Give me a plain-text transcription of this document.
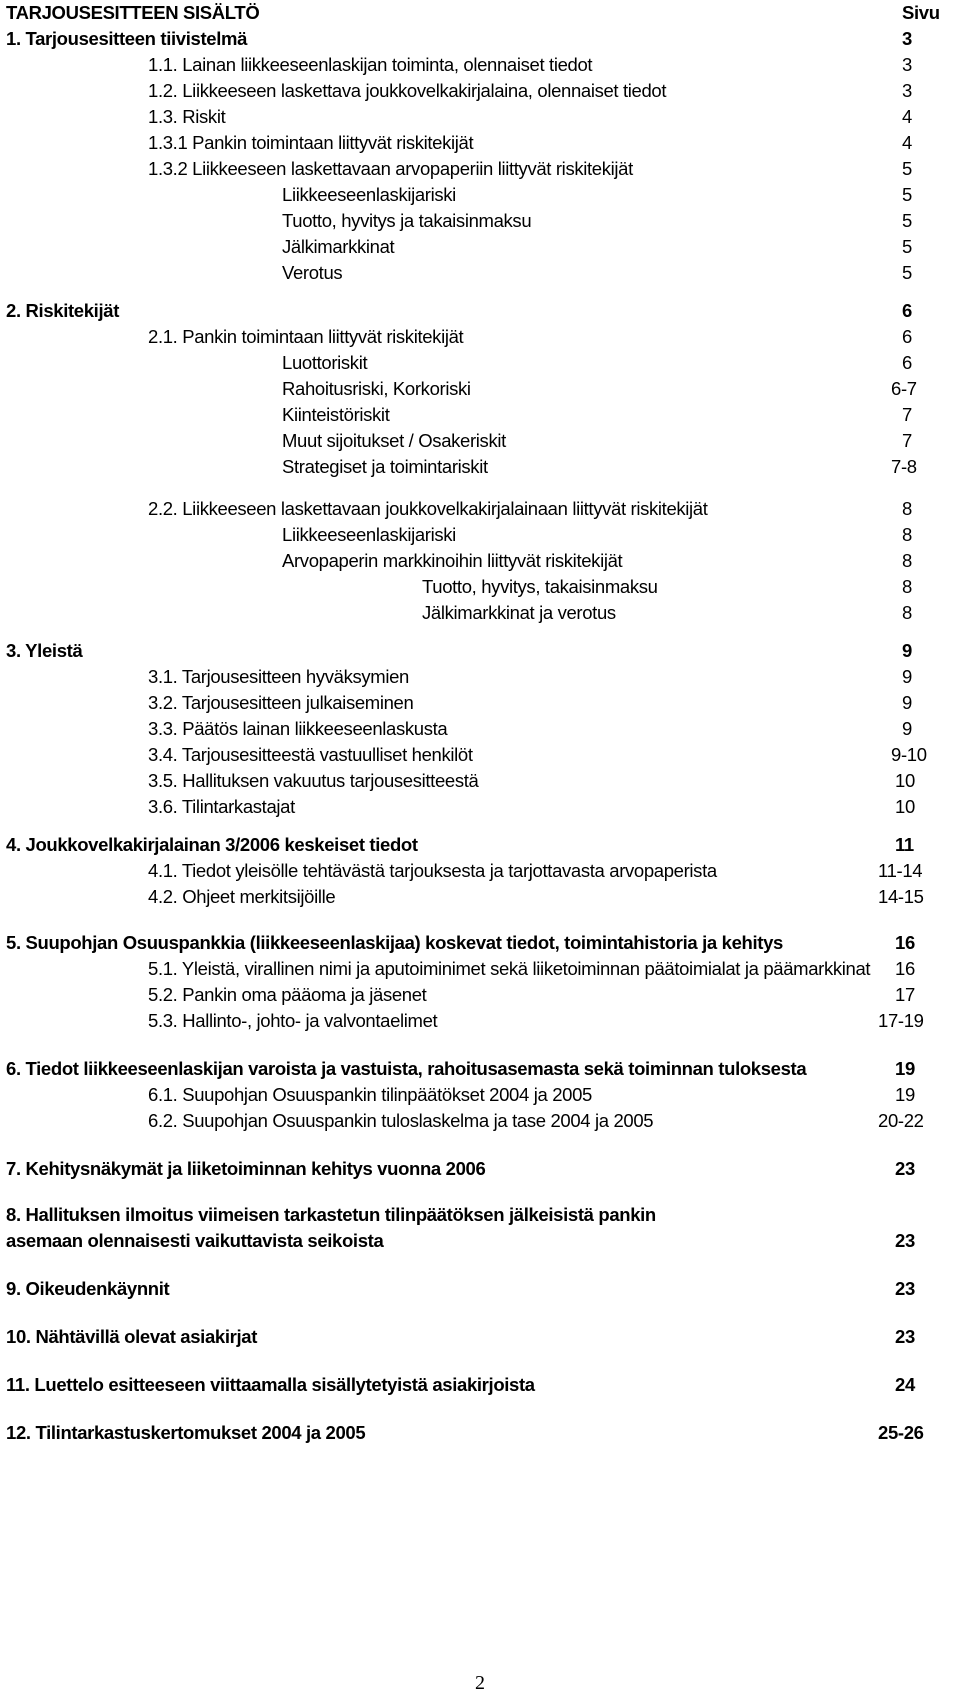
TARJOUSESITTEEN SISÄLTÖ	Sivu
1. Tarjousesitteen tiivistelmä	3
1.1. Lainan liikkeeseenlaskijan toiminta, olennaiset tiedot	3
1.2. Liikkeeseen laskettava joukkovelkakirjalaina, olennaiset tiedot	3
1.3. Riskit	4
1.3.1 Pankin toimintaan liittyvät riskitekijät	4
1.3.2 Liikkeeseen laskettavaan arvopaperiin liittyvät riskitekijät	5
Liikkeeseenlaskijariski	5
Tuotto, hyvitys ja takaisinmaksu	5
Jälkimarkkinat	5
Verotus	5
2. Riskitekijät	6
2.1. Pankin toimintaan liittyvät riskitekijät	6
Luottoriskit	6
Rahoitusriski, Korkoriski	6-7
Kiinteistöriskit	7
Muut sijoitukset / Osakeriskit	7
Strategiset ja toimintariskit	7-8
2.2. Liikkeeseen laskettavaan joukkovelkakirjalainaan liittyvät riskitekijät	8
Liikkeeseenlaskijariski	8
Arvopaperin markkinoihin liittyvät riskitekijät	8
Tuotto, hyvitys, takaisinmaksu	8
Jälkimarkkinat ja verotus	8
3. Yleistä	9
3.1. Tarjousesitteen hyväksymien	9
3.2. Tarjousesitteen julkaiseminen	9
3.3. Päätös lainan liikkeeseenlaskusta	9
3.4. Tarjousesitteestä vastuulliset henkilöt	9-10
3.5. Hallituksen vakuutus tarjousesitteestä	10
3.6. Tilintarkastajat	10
4. Joukkovelkakirjalainan 3/2006 keskeiset tiedot	11
4.1. Tiedot yleisölle tehtävästä tarjouksesta ja tarjottavasta arvopaperista	11-14
4.2. Ohjeet merkitsijöille	14-15
5. Suupohjan Osuuspankkia (liikkeeseenlaskijaa) koskevat tiedot, toimintahistoria ja kehitys	16
5.1. Yleistä, virallinen nimi ja aputoiminimet sekä liiketoiminnan päätoimialat ja päämarkkinat 16
5.2. Pankin oma pääoma ja jäsenet	17
5.3. Hallinto-, johto- ja valvontaelimet	17-19
6. Tiedot liikkeeseenlaskijan varoista ja vastuista, rahoitusasemasta sekä toiminnan tuloksesta	19
6.1. Suupohjan Osuuspankin tilinpäätökset 2004 ja 2005	19
6.2. Suupohjan Osuuspankin tuloslaskelma ja tase 2004 ja 2005	20-22
7. Kehitysnäkymät ja liiketoiminnan kehitys vuonna 2006	23
8. Hallituksen ilmoitus viimeisen tarkastetun tilinpäätöksen jälkeisistä pankin
asemaan olennaisesti vaikuttavista seikoista	23
9. Oikeudenkäynnit	23
10. Nähtävillä olevat asiakirjat	23
11. Luettelo esitteeseen viittaamalla sisällytetyistä asiakirjoista	24
12. Tilintarkastuskertomukset 2004 ja 2005	25-26
2
